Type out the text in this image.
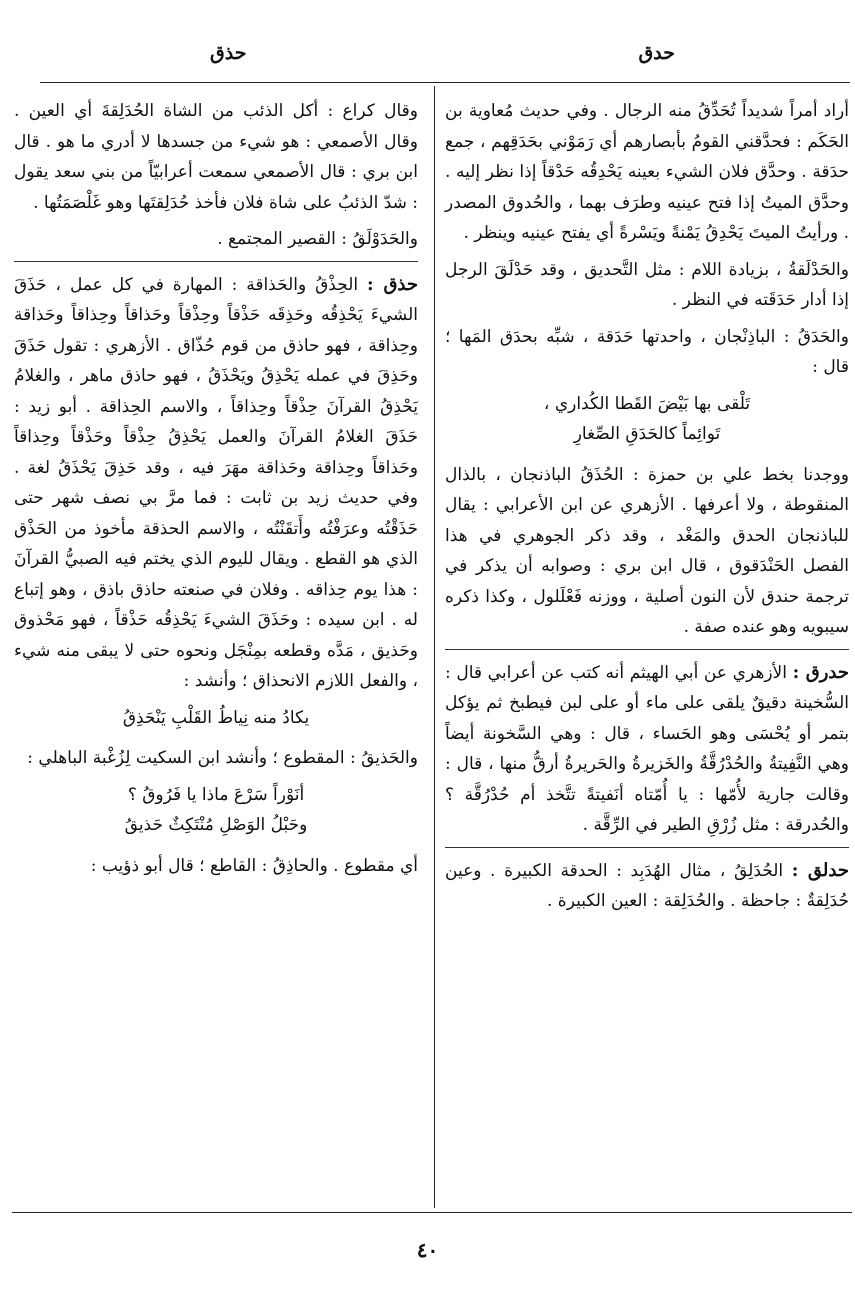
حدق
حذق

أراد أمراً شديداً تُحَدِّقُ منه الرجال . وفي حديث مُعاوية بن الحَكَم : فحدَّقني القومُ بأبصارهم أي رَمَوْني بحَدَقِهم ، جمع حدَقة . وحدَّق فلان الشيء بعينه يَحْدِقُه حَدْقاً إذا نظر إليه . وحدَّق الميتُ إذا فتح عينيه وطرَف بهما ، والحُدوق المصدر . ورأيتُ الميتَ يَحْدِقُ يَمْنةً ويَسْرةً أي يفتح عينيه وينظر .

والحَدْلَقةُ ، بزيادة اللام : مثل التَّحديق ، وقد حَدْلَقَ الرجل إذا أدار حَدَقَته في النظر .

والحَدَقُ : الباذِنْجان ، واحدتها حَدَقة ، شبِّه بحدَق المَها ؛ قال :

تَلْقى بها بَيْضَ القَطا الكُداري ،
تَوائِماً كالحَدَقِ الصِّغارِ

ووجدنا بخط علي بن حمزة : الحُذَقُ الباذنجان ، بالذال المنقوطة ، ولا أعرفها . الأزهري عن ابن الأعرابي : يقال للباذنجان الحدق والمَغْد ، وقد ذكر الجوهري في هذا الفصل الحَنْدَقوق ، قال ابن بري : وصوابه أن يذكر في ترجمة حندق لأن النون أصلية ، ووزنه فَعْلَلول ، وكذا ذكره سيبويه وهو عنده صفة .

حدرق : الأزهري عن أبي الهيثم أنه كتب عن أعرابي قال : السُّخينة دقيقٌ يلقى على ماء أو على لبن فيطبخ ثم يؤكل بتمر أو يُحْسَى وهو الحَساء ، قال : وهي السَّخونة أيضاً وهي النَّفِيتةُ والحُدْرُقَّةُ والخَزيرةُ والحَريرةُ أرقُّ منها ، قال : وقالت جارية لأُمّها : يا أُمّتاه أنَفيتةً تتَّخذ أم حُدْرُقَّة ؟ والحُدرقة : مثل زُرْقِ الطير في الرِّقَّة .

حدلق : الحُدَلِقُ ، مثال الهُدَبِد : الحدقة الكبيرة . وعين حُدَلِقةٌ : جاحظة . والحُدَلِقة : العين الكبيرة .

وقال كراع : أكل الذئب من الشاة الحُدَلِقةَ أي العين . وقال الأصمعي : هو شيء من جسدها لا أدري ما هو . قال ابن بري : قال الأصمعي سمعت أعرابيّاً من بني سعد يقول : شدّ الذئبُ على شاة فلان فأخذ حُدَلِقتَها وهو غَلْصَمَتُها .

والحَدَوْلَقُ : القصير المجتمع .

حذق : الحِذْقُ والحَذاقة : المهارة في كل عمل ، حَذَقَ الشيءَ يَحْذِقُه وحَذِقَه حَذْقاً وحِذْقاً وحَذاقاً وحِذاقاً وحَذاقة وحِذاقة ، فهو حاذق من قوم حُذّاق . الأزهري : تقول حَذَقَ وحَذِقَ في عمله يَحْذِقُ ويَحْذَقُ ، فهو حاذق ماهر ، والغلامُ يَحْذِقُ القرآنَ حِذْقاً وحِذاقاً ، والاسم الحِذاقة . أبو زيد : حَذَقَ الغلامُ القرآنَ والعمل يَحْذِقُ حِذْقاً وحَذْقاً وحِذاقاً وحَذاقاً وحِذاقة وحَذاقة مهَرَ فيه ، وقد حَذِقَ يَحْذَقُ لغة . وفي حديث زيد بن ثابت : فما مرَّ بي نصف شهر حتى حَذَقْتُه وعرَفْتُه وأَتقَنْتُه ، والاسم الحذقة مأخوذ من الحَذْق الذي هو القطع . ويقال لليوم الذي يختم فيه الصبيُّ القرآنَ : هذا يوم حِذاقه . وفلان في صنعته حاذق باذق ، وهو إتباع له . ابن سيده : وحَذَقَ الشيءَ يَحْذِقُه حَذْقاً ، فهو مَحْذوق وحَذيق ، مَدَّه وقطعه بمِنْجَل ونحوه حتى لا يبقى منه شيء ، والفعل اللازم الانحذاق ؛ وأنشد :

يكادُ منه نِياطُ القَلْبِ يَنْحَذِقُ

والحَذيقُ : المقطوع ؛ وأنشد ابن السكيت لِزُغْبة الباهلي :

أنَوْراً سَرْعَ ماذا يا فَرُوقُ ؟
وحَبْلُ الوَصْلِ مُنْتَكِثٌ حَذيقُ

أي مقطوع . والحاذِقُ : القاطع ؛ قال أبو ذؤيب :

٤٠
